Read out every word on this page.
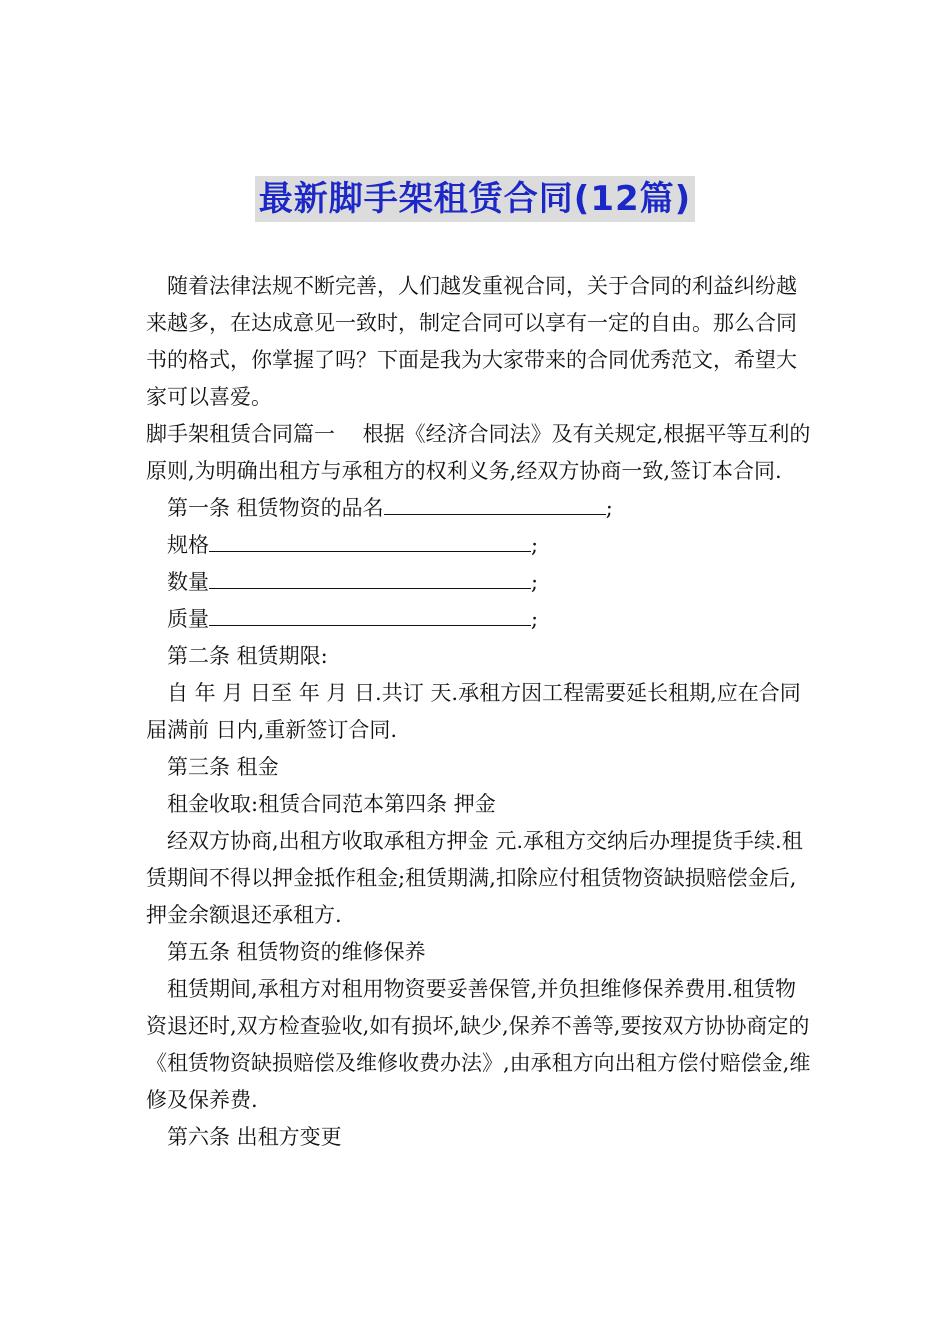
最新脚手架租赁合同(12篇)

随着法律法规不断完善，人们越发重视合同，关于合同的利益纠纷越来越多，在达成意见一致时，制定合同可以享有一定的自由。那么合同书的格式，你掌握了吗？下面是我为大家带来的合同优秀范文，希望大家可以喜爱。

脚手架租赁合同篇一　 根据《经济合同法》及有关规定,根据平等互利的原则,为明确出租方与承租方的权利义务,经双方协商一致,签订本合同.

第一条 租赁物资的品名	;

规格	;

数量	;

质量	;

第二条 租赁期限:

自 年 月 日至 年 月 日.共订 天.承租方因工程需要延长租期,应在合同届满前 日内,重新签订合同.

第三条 租金

租金收取:租赁合同范本第四条 押金

经双方协商,出租方收取承租方押金 元.承租方交纳后办理提货手续.租赁期间不得以押金抵作租金;租赁期满,扣除应付租赁物资缺损赔偿金后,押金余额退还承租方.

第五条 租赁物资的维修保养

租赁期间,承租方对租用物资要妥善保管,并负担维修保养费用.租赁物资退还时,双方检查验收,如有损坏,缺少,保养不善等,要按双方协协商定的《租赁物资缺损赔偿及维修收费办法》,由承租方向出租方偿付赔偿金,维修及保养费.

第六条 出租方变更
